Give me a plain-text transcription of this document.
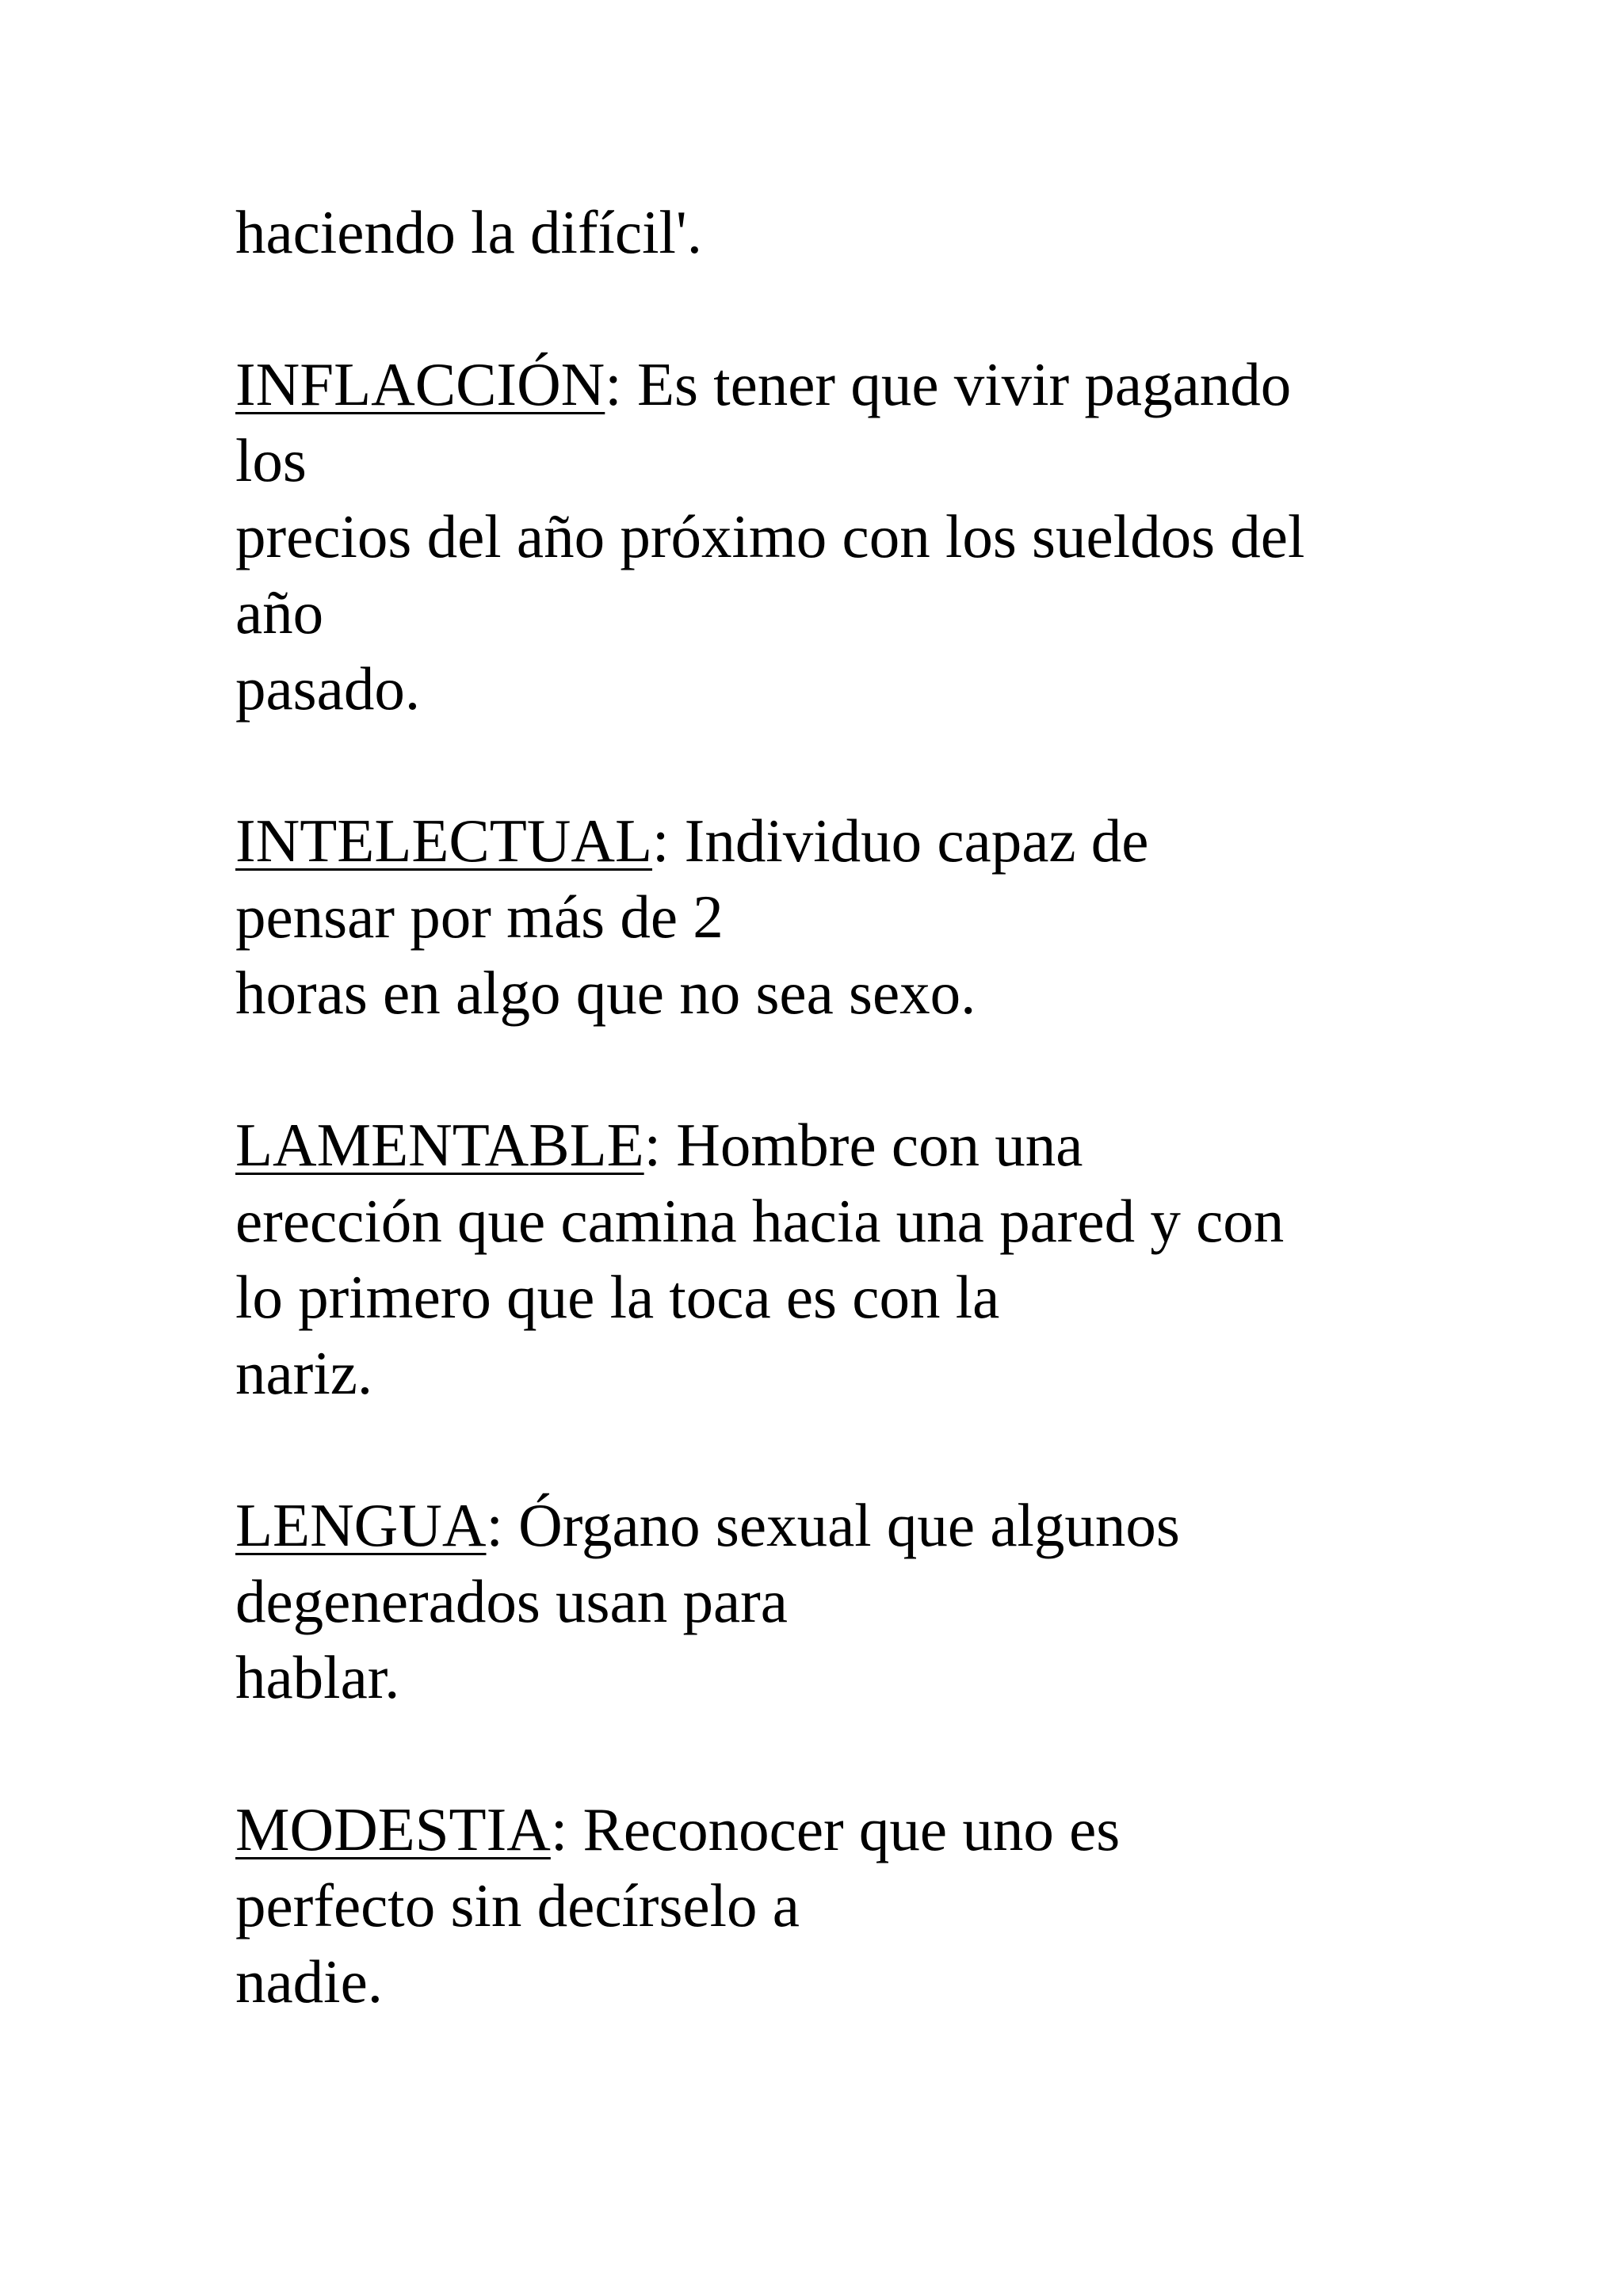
haciendo la difícil'.
INFLACCIÓN: Es tener que vivir pagando
los
precios del año próximo con los sueldos del
año
pasado.
INTELECTUAL: Individuo capaz de
pensar por más de 2
horas en algo que no sea sexo.
LAMENTABLE: Hombre con una
erección que camina hacia una pared y con
lo primero que la toca es con la
nariz.
LENGUA: Órgano sexual que algunos
degenerados usan para
hablar.
MODESTIA: Reconocer que uno es
perfecto sin decírselo a
nadie.
